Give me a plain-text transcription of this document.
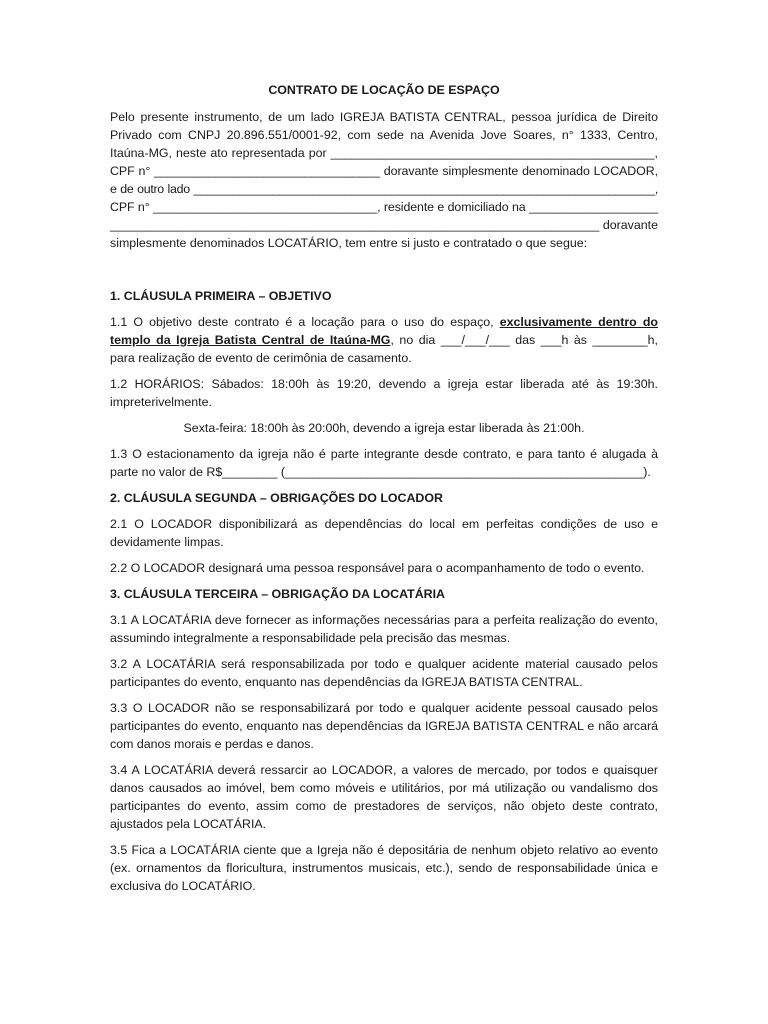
CONTRATO DE LOCAÇÃO DE ESPAÇO

Pelo presente instrumento, de um lado IGREJA BATISTA CENTRAL, pessoa jurídica de Direito
Privado com CNPJ 20.896.551/0001-92, com sede na Avenida Jove Soares, n° 1333, Centro,
Itaúna-MG, neste ato representada por _______________________________________________,
CPF n° _________________________________ doravante simplesmente denominado LOCADOR,
e de outro lado ______________________________________________________________________,
CPF n° _________________________________, residente e domiciliado na ___________________
_______________________________________________________________________ doravante
simplesmente denominados LOCATÁRIO, tem entre si justo e contratado o que segue:

1. CLÁUSULA PRIMEIRA – OBJETIVO

1.1 O objetivo deste contrato é a locação para o uso do espaço, exclusivamente dentro do templo da Igreja Batista Central de Itaúna-MG, no dia ___/___/___ das ___h às ________h, para realização de evento de cerimônia de casamento.

1.2 HORÁRIOS: Sábados: 18:00h às 19:20, devendo a igreja estar liberada até às 19:30h. impreterivelmente.

Sexta-feira: 18:00h às 20:00h, devendo a igreja estar liberada às 21:00h.

1.3 O estacionamento da igreja não é parte integrante desde contrato, e para tanto é alugada à parte no valor de R$________ (____________________________________________________).

2. CLÁUSULA SEGUNDA – OBRIGAÇÕES DO LOCADOR

2.1 O LOCADOR disponibilizará as dependências do local em perfeitas condições de uso e devidamente limpas.

2.2 O LOCADOR designará uma pessoa responsável para o acompanhamento de todo o evento.

3. CLÁUSULA TERCEIRA – OBRIGAÇÃO DA LOCATÁRIA

3.1 A LOCATÁRIA deve fornecer as informações necessárias para a perfeita realização do evento, assumindo integralmente a responsabilidade pela precisão das mesmas.

3.2 A LOCATÁRIA será responsabilizada por todo e qualquer acidente material causado pelos participantes do evento, enquanto nas dependências da IGREJA BATISTA CENTRAL.

3.3 O LOCADOR não se responsabilizará por todo e qualquer acidente pessoal causado pelos participantes do evento, enquanto nas dependências da IGREJA BATISTA CENTRAL e não arcará com danos morais e perdas e danos.

3.4 A LOCATÁRIA deverá ressarcir ao LOCADOR, a valores de mercado, por todos e quaisquer danos causados ao imóvel, bem como móveis e utilitários, por má utilização ou vandalismo dos participantes do evento, assim como de prestadores de serviços, não objeto deste contrato, ajustados pela LOCATÁRIA.

3.5 Fica a LOCATÁRIA ciente que a Igreja não é depositária de nenhum objeto relativo ao evento (ex. ornamentos da floricultura, instrumentos musicais, etc.), sendo de responsabilidade única e exclusiva do LOCATÁRIO.
